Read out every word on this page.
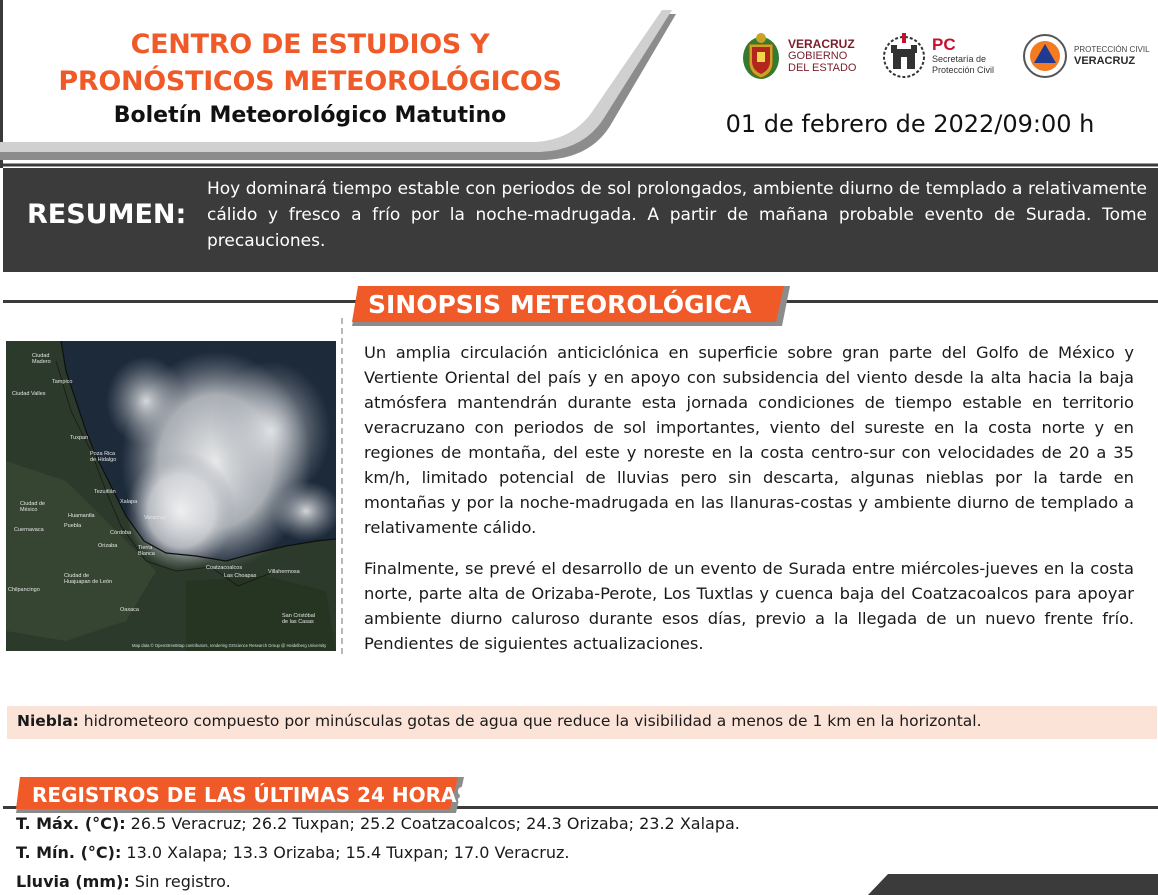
CENTRO DE ESTUDIOS Y
PRONÓSTICOS METEOROLÓGICOS
Boletín Meteorológico Matutino	01 de febrero de 2022/09:00 h
VERACRUZ
GOBIERNO
DEL ESTADO
PC
Secretaría de
Protección Civil
PROTECCIÓN CIVIL
VERACRUZ
RESUMEN:
Hoy dominará tiempo estable con periodos de sol prolongados, ambiente diurno de templado a relativamente cálido y fresco a frío por la noche-madrugada. A partir de mañana probable evento de Surada. Tome precauciones.
SINOPSIS METEOROLÓGICA
Ciudad
Madero
Tampico
Ciudad Valles
Tuxpan
Poza Rica
de Hidalgo
Tezuitlán
Xalapa
Huamantla
Ciudad de
México
Puebla
Cuernavaca
Veracruz
Córdoba
Orizaba	Tierra
Blanca
Coatzacoalcos
Las Choapas
Villahermosa
Oaxaca
Ciudad de
Huajuapan de León
Chilpancingo
San Cristóbal
de las Casas
Map data © OpenStreetMap contributors, rendering GIScience Research Group @ Heidelberg University
Un amplia circulación anticiclónica en superficie sobre gran parte del Golfo de México y Vertiente Oriental del país y en apoyo con subsidencia del viento desde la alta hacia la baja atmósfera mantendrán durante esta jornada condiciones de tiempo estable en territorio veracruzano con periodos de sol importantes, viento del sureste en la costa norte y en regiones de montaña, del este y noreste en la costa centro-sur con velocidades de 20 a 35 km/h, limitado potencial de lluvias pero sin descarta, algunas nieblas por la tarde en montañas y por la noche-madrugada en las llanuras-costas y ambiente diurno de templado a relativamente cálido.
Finalmente, se prevé el desarrollo de un evento de Surada entre miércoles-jueves en la costa norte, parte alta de Orizaba-Perote, Los Tuxtlas y cuenca baja del Coatzacoalcos para apoyar ambiente diurno caluroso durante esos días, previo a la llegada de un nuevo frente frío. Pendientes de siguientes actualizaciones.
Niebla: hidrometeoro compuesto por minúsculas gotas de agua que reduce la visibilidad a menos de 1 km en la horizontal.
REGISTROS DE LAS ÚLTIMAS 24 HORAS
T. Máx. (°C): 26.5 Veracruz; 26.2 Tuxpan; 25.2 Coatzacoalcos; 24.3 Orizaba; 23.2 Xalapa.
T. Mín. (°C): 13.0 Xalapa; 13.3 Orizaba; 15.4 Tuxpan; 17.0 Veracruz.
Lluvia (mm): Sin registro.
